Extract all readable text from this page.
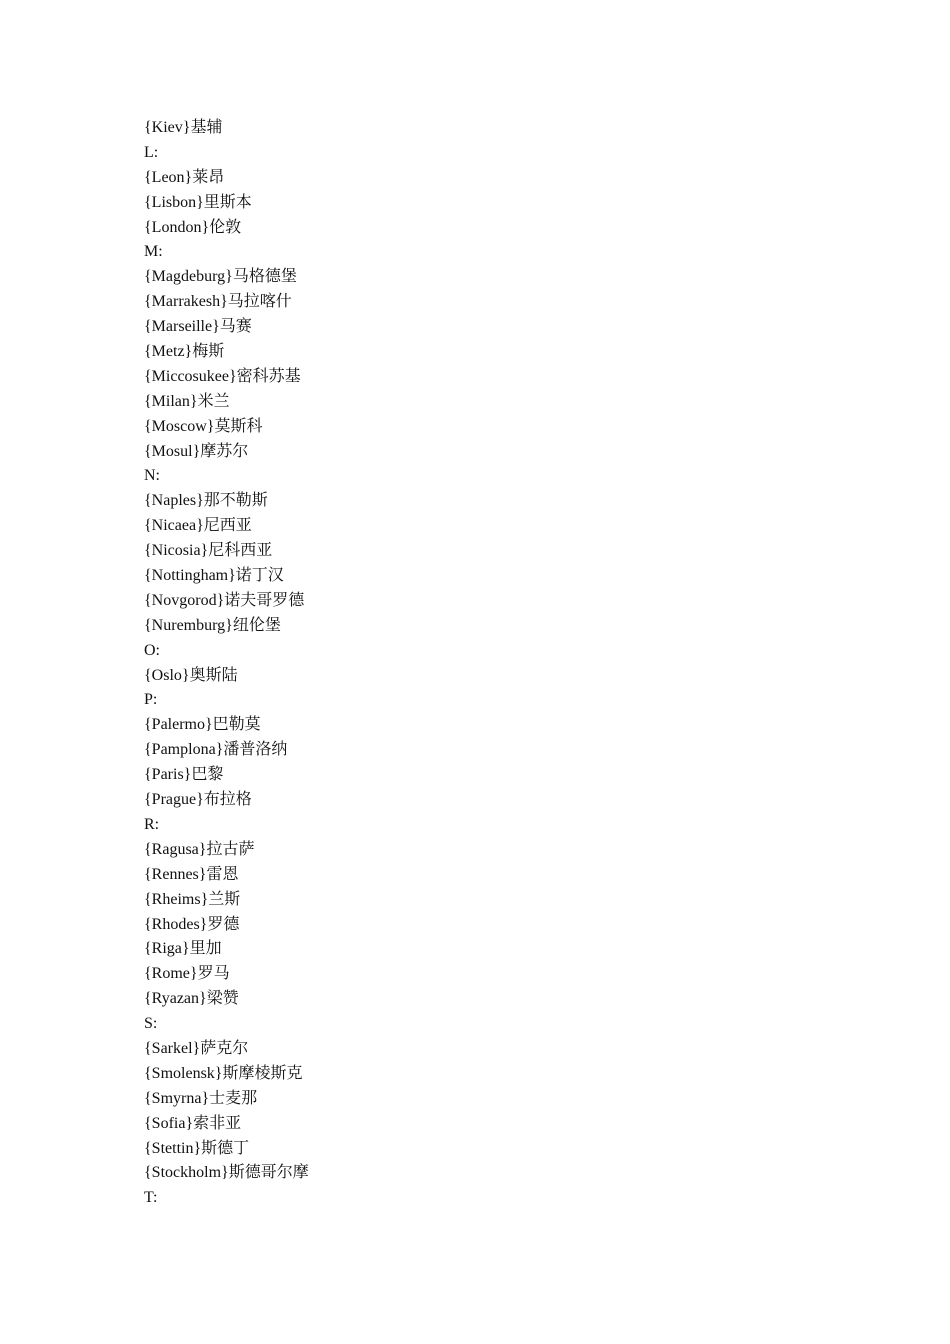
{Kiev}基辅
L:
{Leon}莱昂
{Lisbon}里斯本
{London}伦敦
M:
{Magdeburg}马格德堡
{Marrakesh}马拉喀什
{Marseille}马赛
{Metz}梅斯
{Miccosukee}密科苏基
{Milan}米兰
{Moscow}莫斯科
{Mosul}摩苏尔
N:
{Naples}那不勒斯
{Nicaea}尼西亚
{Nicosia}尼科西亚
{Nottingham}诺丁汉
{Novgorod}诺夫哥罗德
{Nuremburg}纽伦堡
O:
{Oslo}奥斯陆
P:
{Palermo}巴勒莫
{Pamplona}潘普洛纳
{Paris}巴黎
{Prague}布拉格
R:
{Ragusa}拉古萨
{Rennes}雷恩
{Rheims}兰斯
{Rhodes}罗德
{Riga}里加
{Rome}罗马
{Ryazan}梁赞
S:
{Sarkel}萨克尔
{Smolensk}斯摩棱斯克
{Smyrna}士麦那
{Sofia}索非亚
{Stettin}斯德丁
{Stockholm}斯德哥尔摩
T:
